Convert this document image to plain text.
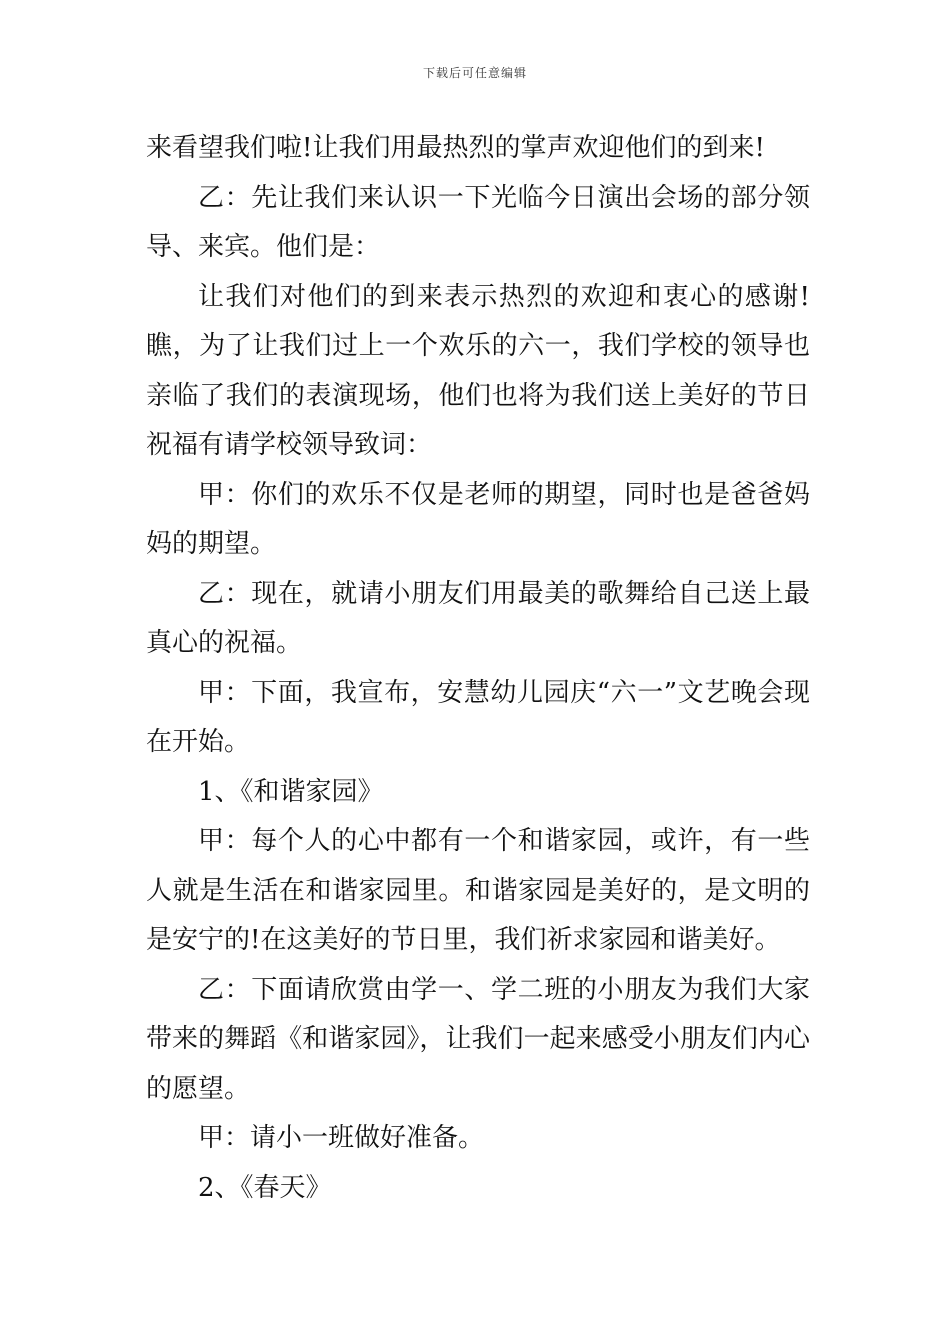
下载后可任意编辑

来看望我们啦!让我们用最热烈的掌声欢迎他们的到来!

乙：先让我们来认识一下光临今日演出会场的部分领导、来宾。他们是：

让我们对他们的到来表示热烈的欢迎和衷心的感谢!瞧，为了让我们过上一个欢乐的六一，我们学校的领导也亲临了我们的表演现场，他们也将为我们送上美好的节日祝福有请学校领导致词：

甲：你们的欢乐不仅是老师的期望，同时也是爸爸妈妈的期望。

乙：现在，就请小朋友们用最美的歌舞给自己送上最真心的祝福。

甲：下面，我宣布，安慧幼儿园庆“六一”文艺晚会现在开始。

1、《和谐家园》

甲：每个人的心中都有一个和谐家园，或许，有一些人就是生活在和谐家园里。和谐家园是美好的，是文明的是安宁的!在这美好的节日里，我们祈求家园和谐美好。

乙：下面请欣赏由学一、学二班的小朋友为我们大家带来的舞蹈《和谐家园》，让我们一起来感受小朋友们内心的愿望。

甲：请小一班做好准备。

2、《春天》
